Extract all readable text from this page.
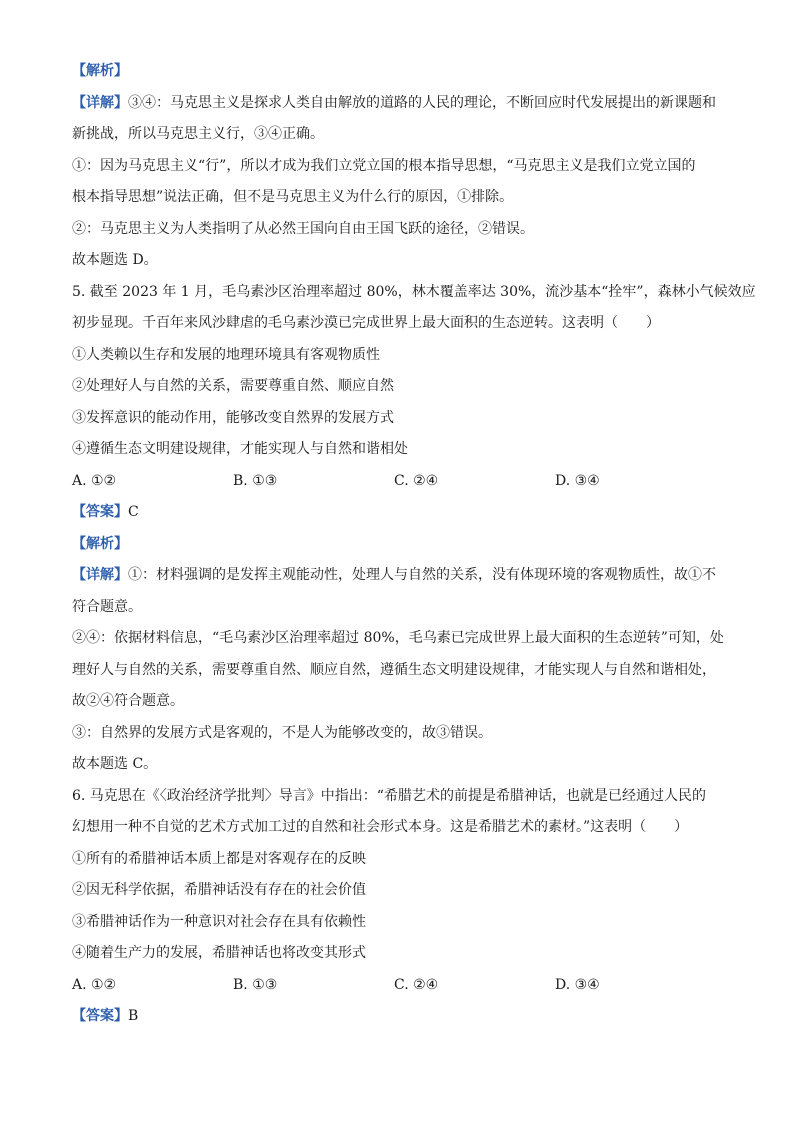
【解析】
【详解】③④：马克思主义是探求人类自由解放的道路的人民的理论，不断回应时代发展提出的新课题和
新挑战，所以马克思主义行，③④正确。
①：因为马克思主义“行”，所以才成为我们立党立国的根本指导思想，“马克思主义是我们立党立国的
根本指导思想”说法正确，但不是马克思主义为什么行的原因，①排除。
②：马克思主义为人类指明了从必然王国向自由王国飞跃的途径，②错误。
故本题选 D。
5. 截至 2023 年 1 月，毛乌素沙区治理率超过 80%，林木覆盖率达 30%，流沙基本“拴牢”，森林小气候效应
初步显现。千百年来风沙肆虐的毛乌素沙漠已完成世界上最大面积的生态逆转。这表明（　　）
①人类赖以生存和发展的地理环境具有客观物质性
②处理好人与自然的关系，需要尊重自然、顺应自然
③发挥意识的能动作用，能够改变自然界的发展方式
④遵循生态文明建设规律，才能实现人与自然和谐相处
A. ①②	B. ①③	C. ②④	D. ③④
【答案】C
【解析】
【详解】①：材料强调的是发挥主观能动性，处理人与自然的关系，没有体现环境的客观物质性，故①不
符合题意。
②④：依据材料信息，“毛乌素沙区治理率超过 80%，毛乌素已完成世界上最大面积的生态逆转”可知，处
理好人与自然的关系，需要尊重自然、顺应自然，遵循生态文明建设规律，才能实现人与自然和谐相处，
故②④符合题意。
③：自然界的发展方式是客观的，不是人为能够改变的，故③错误。
故本题选 C。
6. 马克思在《〈政治经济学批判〉导言》中指出：“希腊艺术的前提是希腊神话，也就是已经通过人民的
幻想用一种不自觉的艺术方式加工过的自然和社会形式本身。这是希腊艺术的素材。”这表明（　　）
①所有的希腊神话本质上都是对客观存在的反映
②因无科学依据，希腊神话没有存在的社会价值
③希腊神话作为一种意识对社会存在具有依赖性
④随着生产力的发展，希腊神话也将改变其形式
A. ①②	B. ①③	C. ②④	D. ③④
【答案】B
